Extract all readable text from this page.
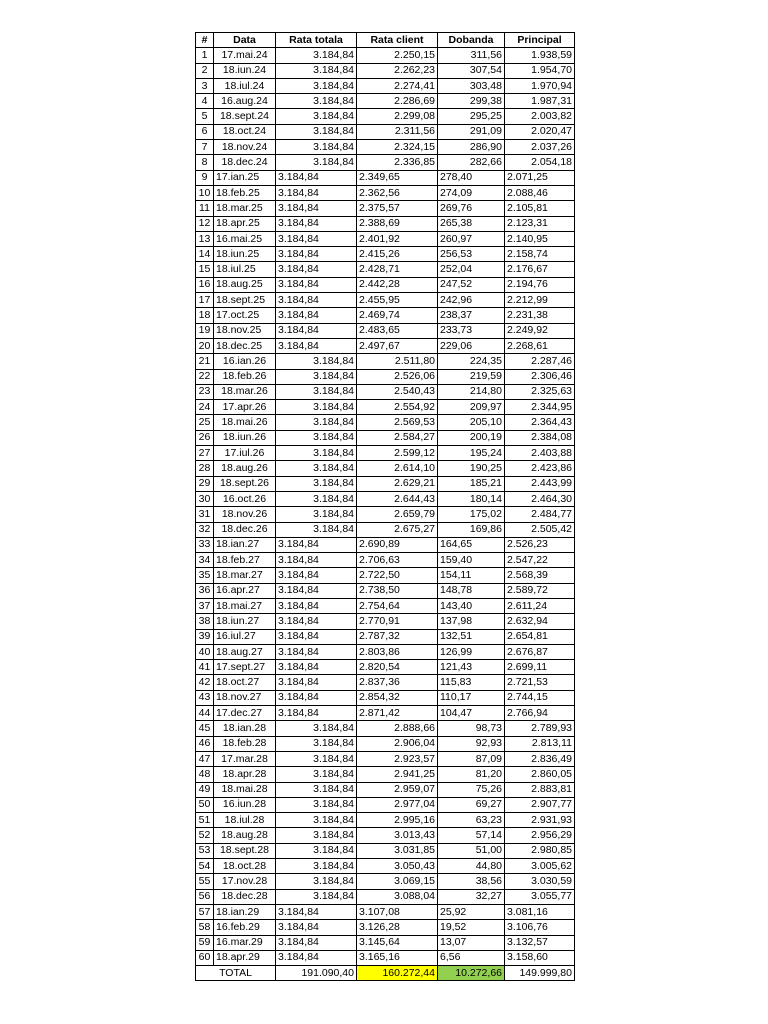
#	Data	Rata totala	Rata client	Dobanda	Principal
1	17.mai.24	3.184,84	2.250,15	311,56	1.938,59
2	18.iun.24	3.184,84	2.262,23	307,54	1.954,70
3	18.iul.24	3.184,84	2.274,41	303,48	1.970,94
4	16.aug.24	3.184,84	2.286,69	299,38	1.987,31
5	18.sept.24	3.184,84	2.299,08	295,25	2.003,82
6	18.oct.24	3.184,84	2.311,56	291,09	2.020,47
7	18.nov.24	3.184,84	2.324,15	286,90	2.037,26
8	18.dec.24	3.184,84	2.336,85	282,66	2.054,18
9	17.ian.25	3.184,84	2.349,65	278,40	2.071,25
10	18.feb.25	3.184,84	2.362,56	274,09	2.088,46
11	18.mar.25	3.184,84	2.375,57	269,76	2.105,81
12	18.apr.25	3.184,84	2.388,69	265,38	2.123,31
13	16.mai.25	3.184,84	2.401,92	260,97	2.140,95
14	18.iun.25	3.184,84	2.415,26	256,53	2.158,74
15	18.iul.25	3.184,84	2.428,71	252,04	2.176,67
16	18.aug.25	3.184,84	2.442,28	247,52	2.194,76
17	18.sept.25	3.184,84	2.455,95	242,96	2.212,99
18	17.oct.25	3.184,84	2.469,74	238,37	2.231,38
19	18.nov.25	3.184,84	2.483,65	233,73	2.249,92
20	18.dec.25	3.184,84	2.497,67	229,06	2.268,61
21	16.ian.26	3.184,84	2.511,80	224,35	2.287,46
22	18.feb.26	3.184,84	2.526,06	219,59	2.306,46
23	18.mar.26	3.184,84	2.540,43	214,80	2.325,63
24	17.apr.26	3.184,84	2.554,92	209,97	2.344,95
25	18.mai.26	3.184,84	2.569,53	205,10	2.364,43
26	18.iun.26	3.184,84	2.584,27	200,19	2.384,08
27	17.iul.26	3.184,84	2.599,12	195,24	2.403,88
28	18.aug.26	3.184,84	2.614,10	190,25	2.423,86
29	18.sept.26	3.184,84	2.629,21	185,21	2.443,99
30	16.oct.26	3.184,84	2.644,43	180,14	2.464,30
31	18.nov.26	3.184,84	2.659,79	175,02	2.484,77
32	18.dec.26	3.184,84	2.675,27	169,86	2.505,42
33	18.ian.27	3.184,84	2.690,89	164,65	2.526,23
34	18.feb.27	3.184,84	2.706,63	159,40	2.547,22
35	18.mar.27	3.184,84	2.722,50	154,11	2.568,39
36	16.apr.27	3.184,84	2.738,50	148,78	2.589,72
37	18.mai.27	3.184,84	2.754,64	143,40	2.611,24
38	18.iun.27	3.184,84	2.770,91	137,98	2.632,94
39	16.iul.27	3.184,84	2.787,32	132,51	2.654,81
40	18.aug.27	3.184,84	2.803,86	126,99	2.676,87
41	17.sept.27	3.184,84	2.820,54	121,43	2.699,11
42	18.oct.27	3.184,84	2.837,36	115,83	2.721,53
43	18.nov.27	3.184,84	2.854,32	110,17	2.744,15
44	17.dec.27	3.184,84	2.871,42	104,47	2.766,94
45	18.ian.28	3.184,84	2.888,66	98,73	2.789,93
46	18.feb.28	3.184,84	2.906,04	92,93	2.813,11
47	17.mar.28	3.184,84	2.923,57	87,09	2.836,49
48	18.apr.28	3.184,84	2.941,25	81,20	2.860,05
49	18.mai.28	3.184,84	2.959,07	75,26	2.883,81
50	16.iun.28	3.184,84	2.977,04	69,27	2.907,77
51	18.iul.28	3.184,84	2.995,16	63,23	2.931,93
52	18.aug.28	3.184,84	3.013,43	57,14	2.956,29
53	18.sept.28	3.184,84	3.031,85	51,00	2.980,85
54	18.oct.28	3.184,84	3.050,43	44,80	3.005,62
55	17.nov.28	3.184,84	3.069,15	38,56	3.030,59
56	18.dec.28	3.184,84	3.088,04	32,27	3.055,77
57	18.ian.29	3.184,84	3.107,08	25,92	3.081,16
58	16.feb.29	3.184,84	3.126,28	19,52	3.106,76
59	16.mar.29	3.184,84	3.145,64	13,07	3.132,57
60	18.apr.29	3.184,84	3.165,16	6,56	3.158,60
TOTAL		191.090,40	160.272,44	10.272,66	149.999,80
